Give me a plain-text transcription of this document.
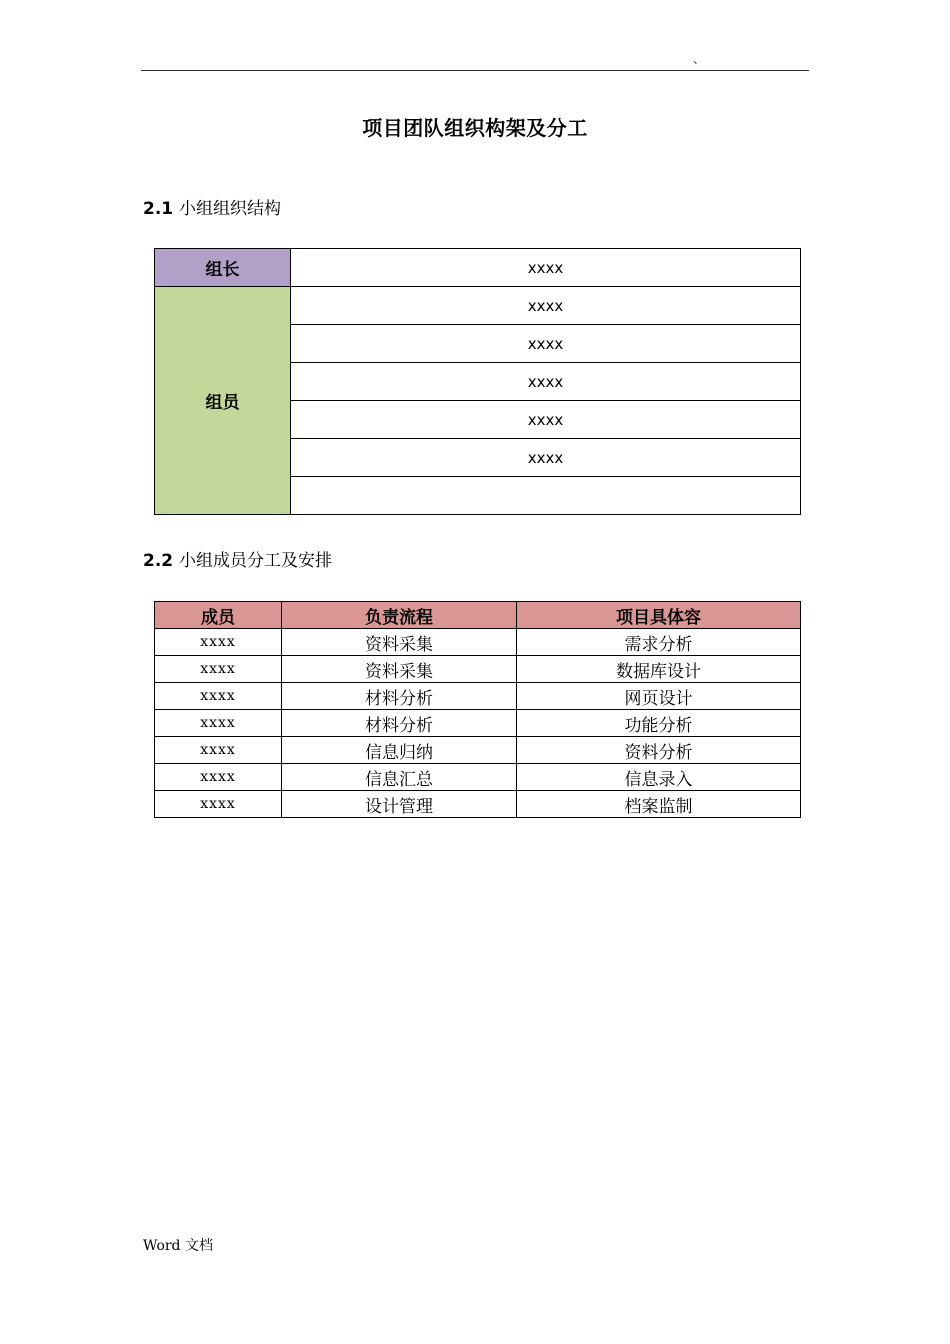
、
项目团队组织构架及分工
2.1 小组组织结构
组长	xxxx
组员	xxxx
	xxxx
	xxxx
	xxxx
	xxxx

2.2 小组成员分工及安排
成员	负责流程	项目具体容
xxxx	资料采集	需求分析
xxxx	资料采集	数据库设计
xxxx	材料分析	网页设计
xxxx	材料分析	功能分析
xxxx	信息归纳	资料分析
xxxx	信息汇总	信息录入
xxxx	设计管理	档案监制
Word 文档
